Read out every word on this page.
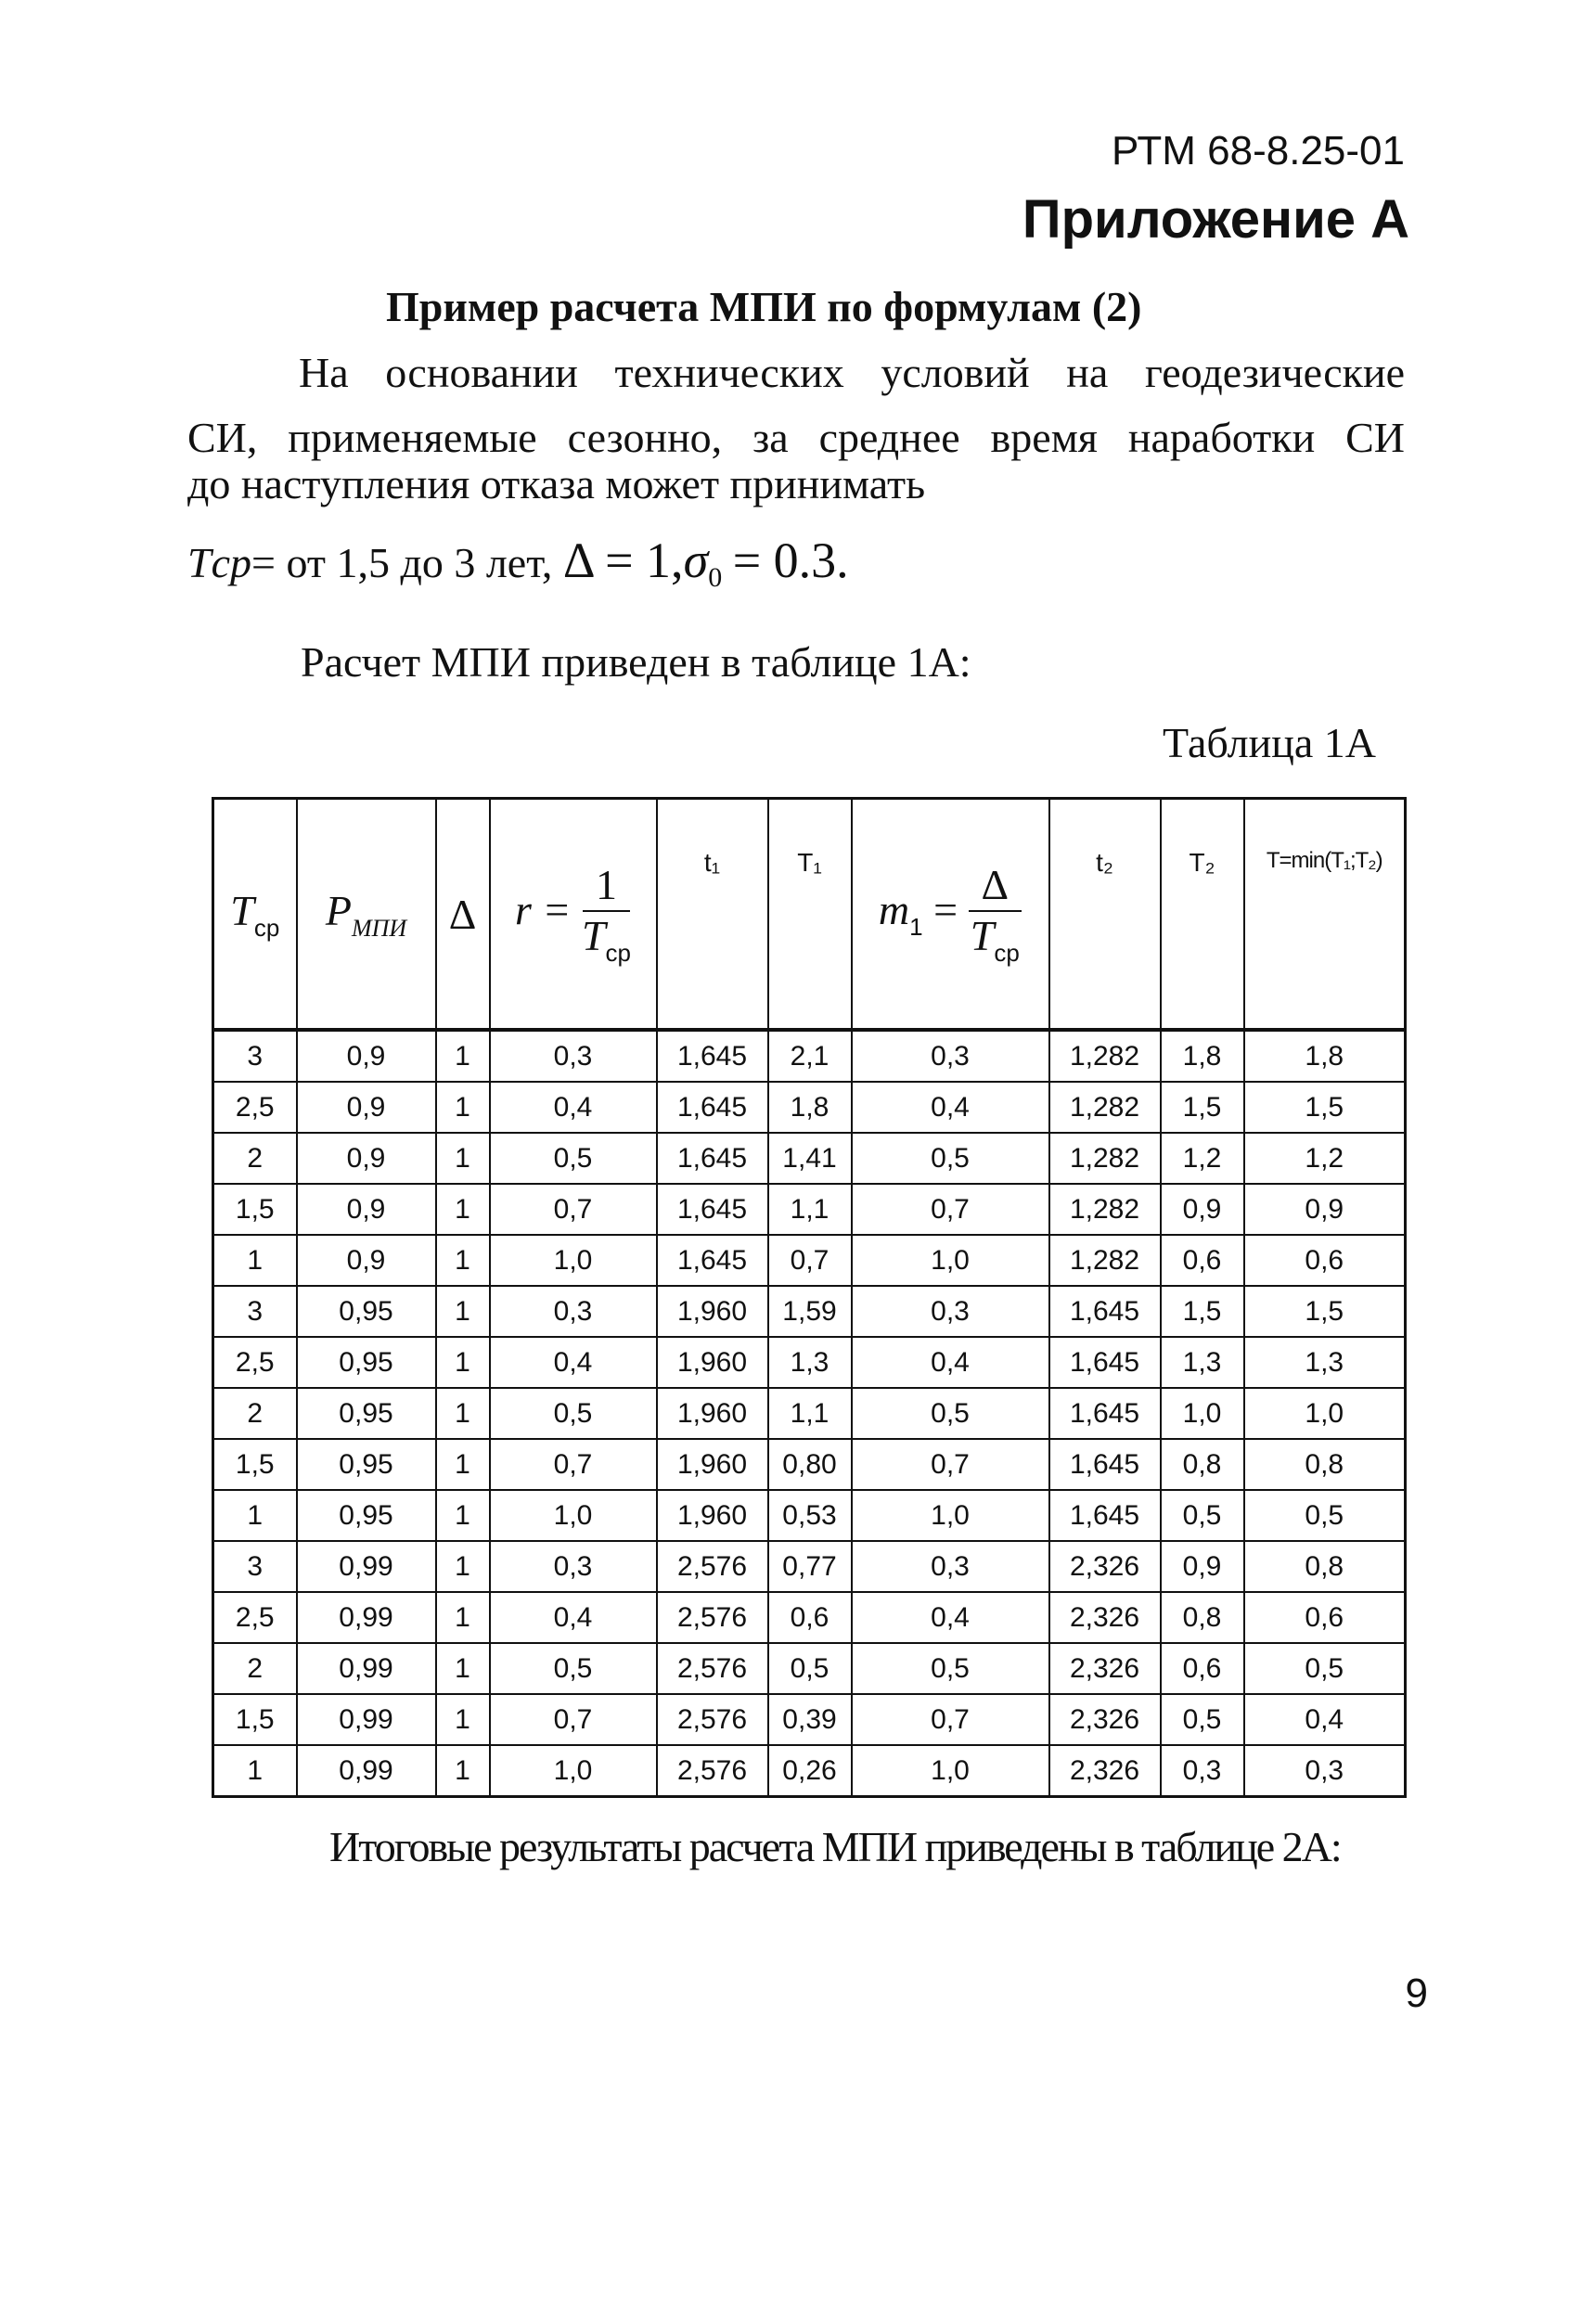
РТМ 68-8.25-01
Приложение А
Пример расчета МПИ по формулам (2)
На основании технических условий на геодезические
СИ, применяемые сезонно, за среднее время наработки СИ
до наступления отказа может принимать
Tср= от 1,5 до 3 лет, $\Delta = 1,\sigma_0 = 0.3$.
Расчет МПИ приведен в таблице 1А:
Таблица 1А
$T_{ср}$	$P_{МПИ}$	Δ	$r = \frac{1}{T_{ср}}$	t₁	T₁	$m_1 = \frac{\Delta}{T_{ср}}$	t₂	T₂	T=min(T₁;T₂)
3	0,9	1	0,3	1,645	2,1	0,3	1,282	1,8	1,8
2,5	0,9	1	0,4	1,645	1,8	0,4	1,282	1,5	1,5
2	0,9	1	0,5	1,645	1,41	0,5	1,282	1,2	1,2
1,5	0,9	1	0,7	1,645	1,1	0,7	1,282	0,9	0,9
1	0,9	1	1,0	1,645	0,7	1,0	1,282	0,6	0,6
3	0,95	1	0,3	1,960	1,59	0,3	1,645	1,5	1,5
2,5	0,95	1	0,4	1,960	1,3	0,4	1,645	1,3	1,3
2	0,95	1	0,5	1,960	1,1	0,5	1,645	1,0	1,0
1,5	0,95	1	0,7	1,960	0,80	0,7	1,645	0,8	0,8
1	0,95	1	1,0	1,960	0,53	1,0	1,645	0,5	0,5
3	0,99	1	0,3	2,576	0,77	0,3	2,326	0,9	0,8
2,5	0,99	1	0,4	2,576	0,6	0,4	2,326	0,8	0,6
2	0,99	1	0,5	2,576	0,5	0,5	2,326	0,6	0,5
1,5	0,99	1	0,7	2,576	0,39	0,7	2,326	0,5	0,4
1	0,99	1	1,0	2,576	0,26	1,0	2,326	0,3	0,3
Итоговые результаты расчета МПИ приведены в таблице 2А:
9
